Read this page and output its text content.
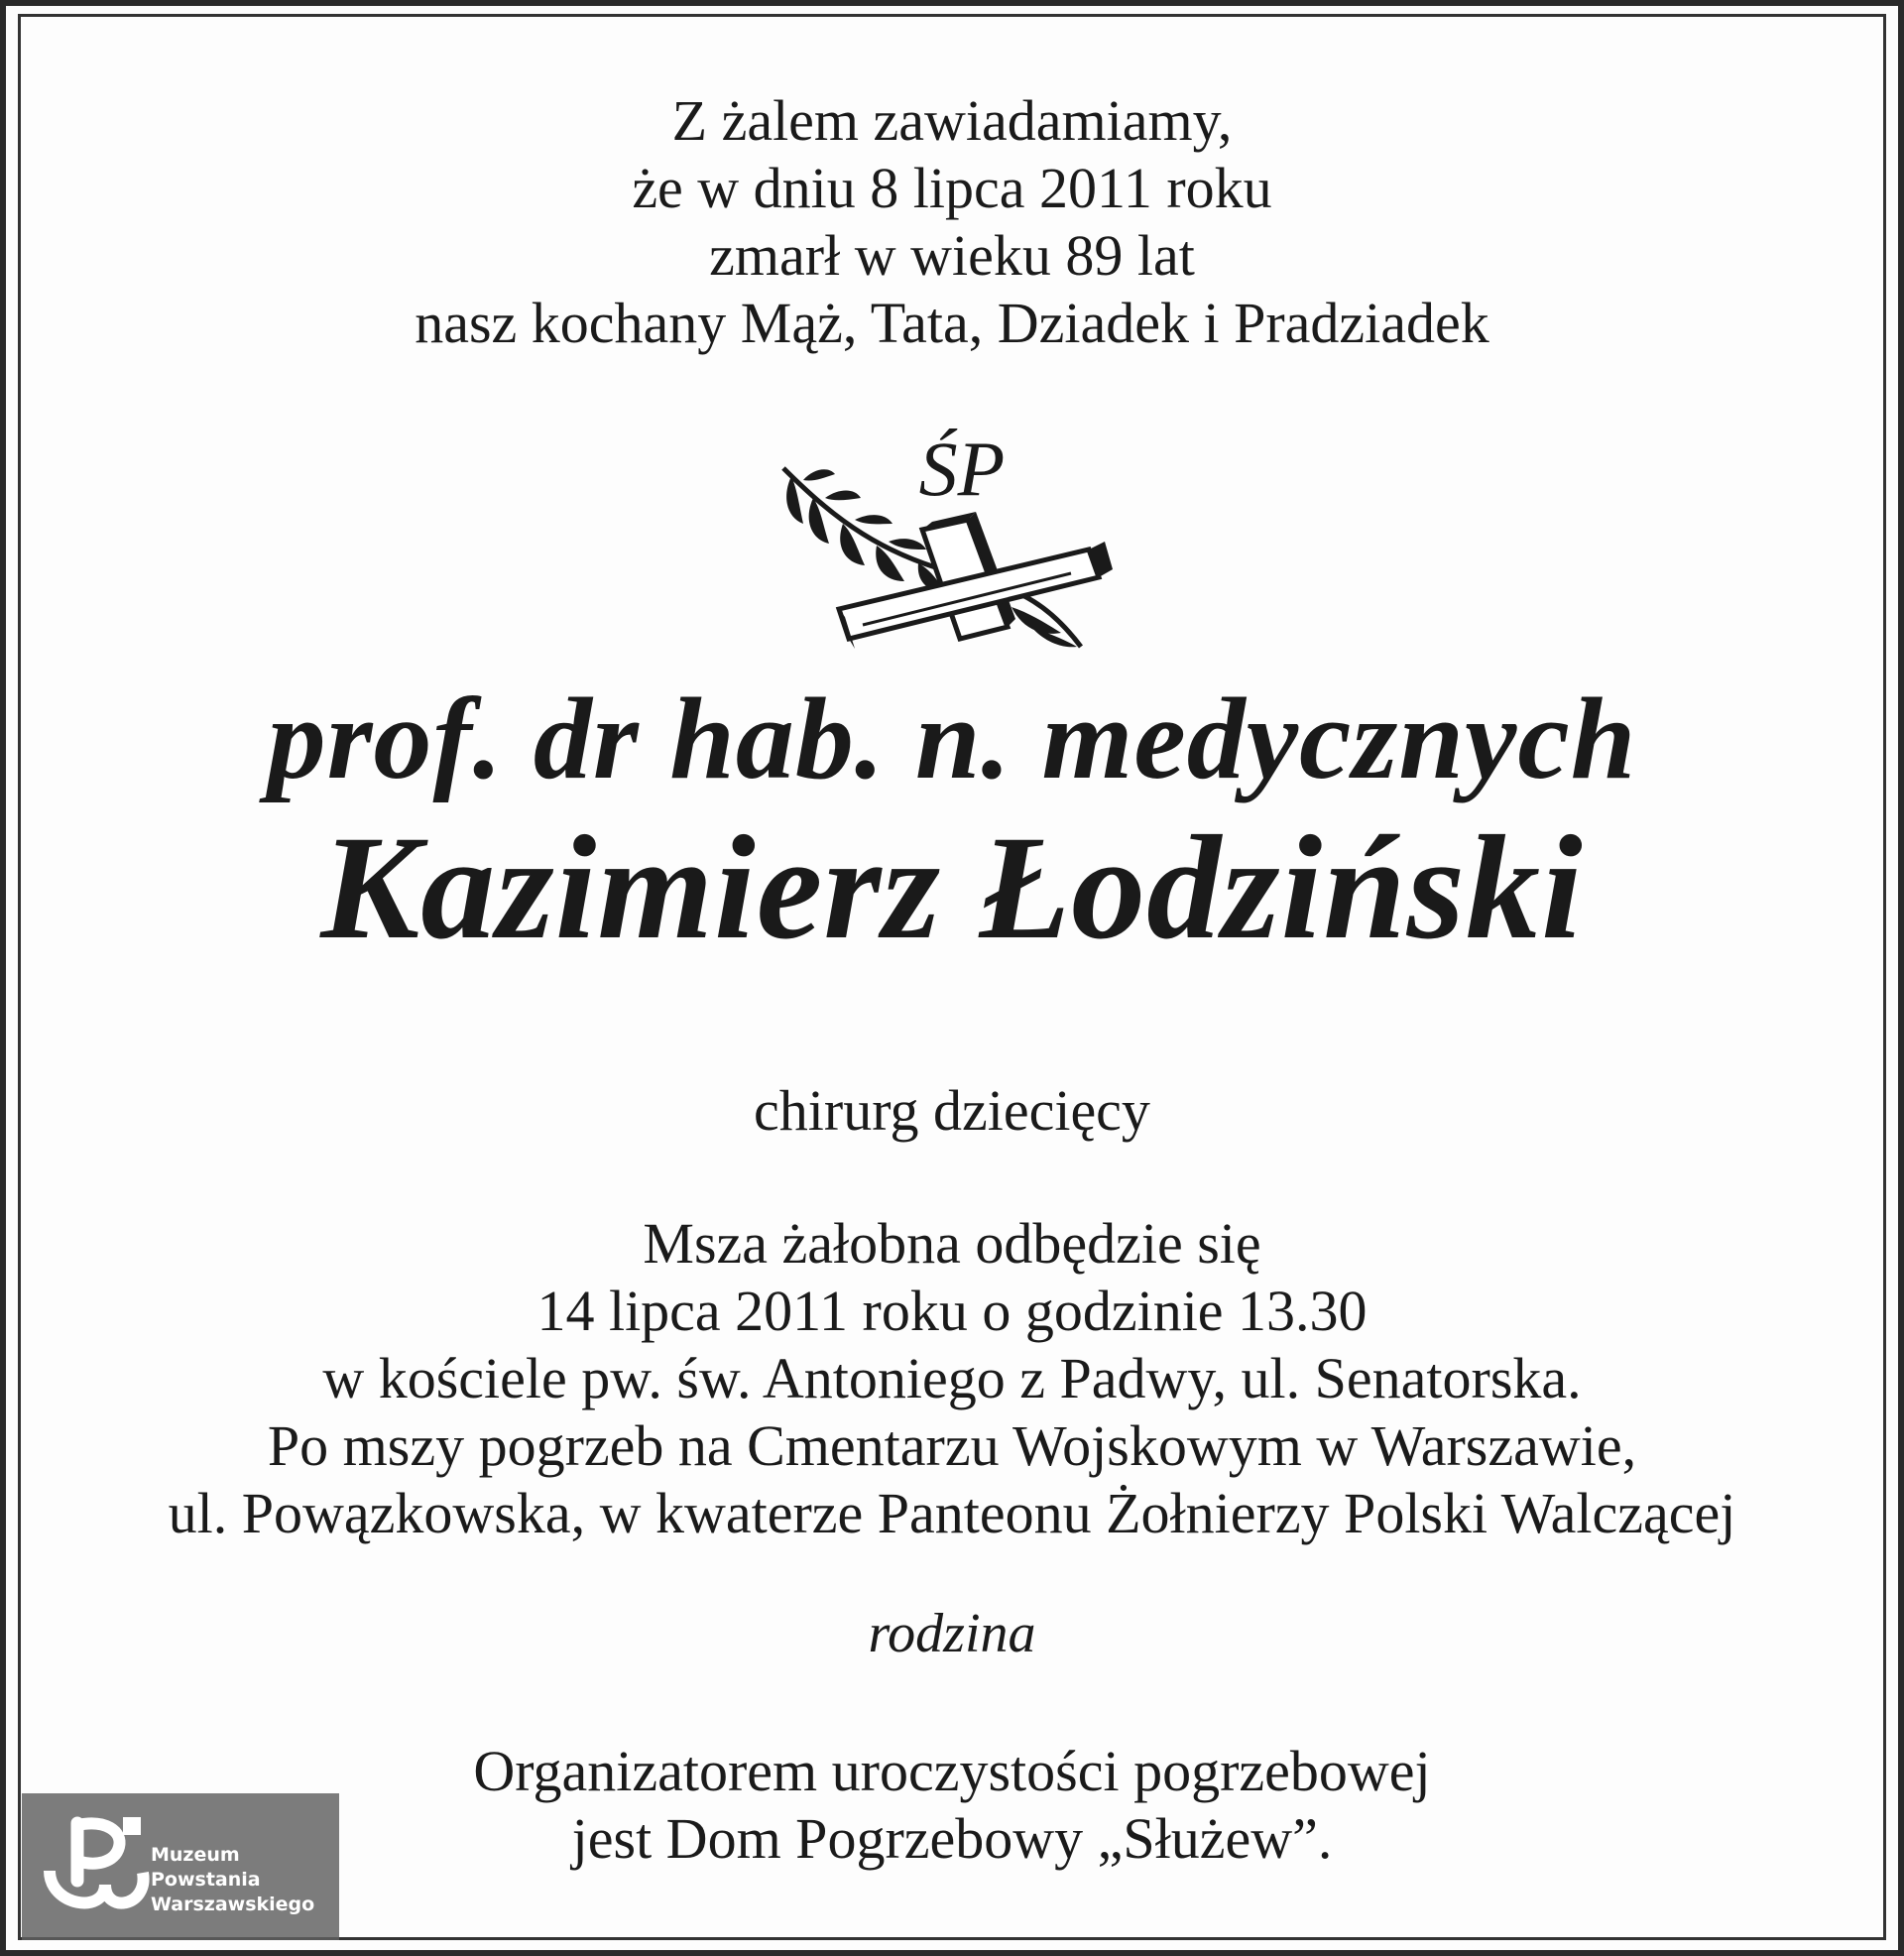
Z żalem zawiadamiamy,
że w dniu 8 lipca 2011 roku
zmarł w wieku 89 lat
nasz kochany Mąż, Tata, Dziadek i Pradziadek
ŚP
prof. dr hab. n. medycznych
Kazimierz Łodziński
chirurg dziecięcy
Msza żałobna odbędzie się
14 lipca 2011 roku o godzinie 13.30
w kościele pw. św. Antoniego z Padwy, ul. Senatorska.
Po mszy pogrzeb na Cmentarzu Wojskowym w Warszawie,
ul. Powązkowska, w kwaterze Panteonu Żołnierzy Polski Walczącej
rodzina
Organizatorem uroczystości pogrzebowej
jest Dom Pogrzebowy „Służew”.
Muzeum
Powstania
Warszawskiego
